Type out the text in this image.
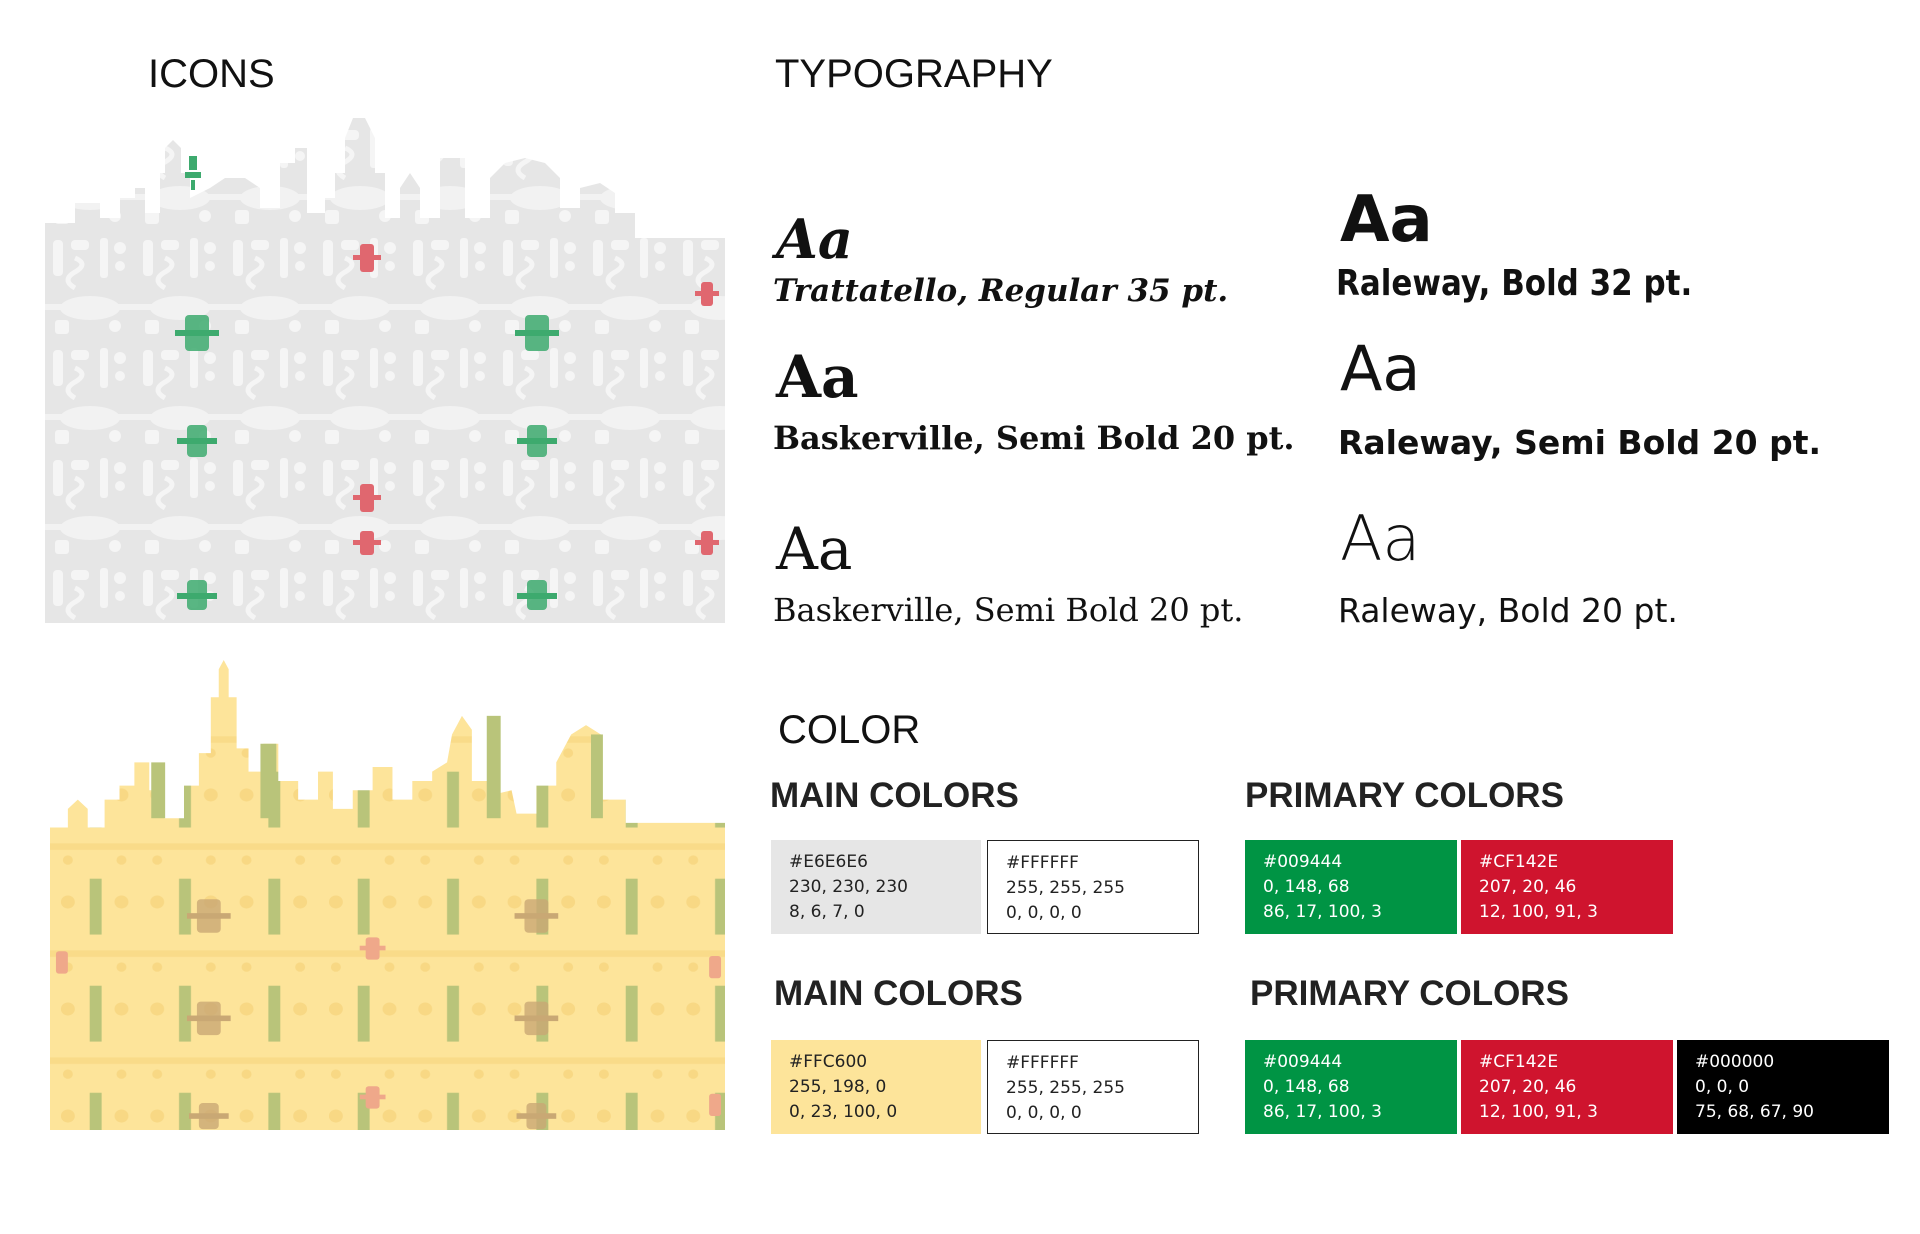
ICONS	TYPOGRAPHY
COLOR
Aa
Trattatello, Regular 35 pt.
Aa
Baskerville, Semi Bold 20 pt.
Aa
Baskerville, Semi Bold 20 pt.
Aa
Raleway, Bold 32 pt.
Aa
Raleway, Semi Bold 20 pt.
Aa
Raleway, Bold 20 pt.
MAIN COLORS	PRIMARY COLORS
MAIN COLORS	PRIMARY COLORS
#E6E6E6
230, 230, 230
8, 6, 7, 0
#FFFFFF
255, 255, 255
0, 0, 0, 0
#009444
0, 148, 68
86, 17, 100, 3
#CF142E
207, 20, 46
12, 100, 91, 3
#FFC600
255, 198, 0
0, 23, 100, 0
#FFFFFF
255, 255, 255
0, 0, 0, 0
#009444
0, 148, 68
86, 17, 100, 3
#CF142E
207, 20, 46
12, 100, 91, 3
#000000
0, 0, 0
75, 68, 67, 90
